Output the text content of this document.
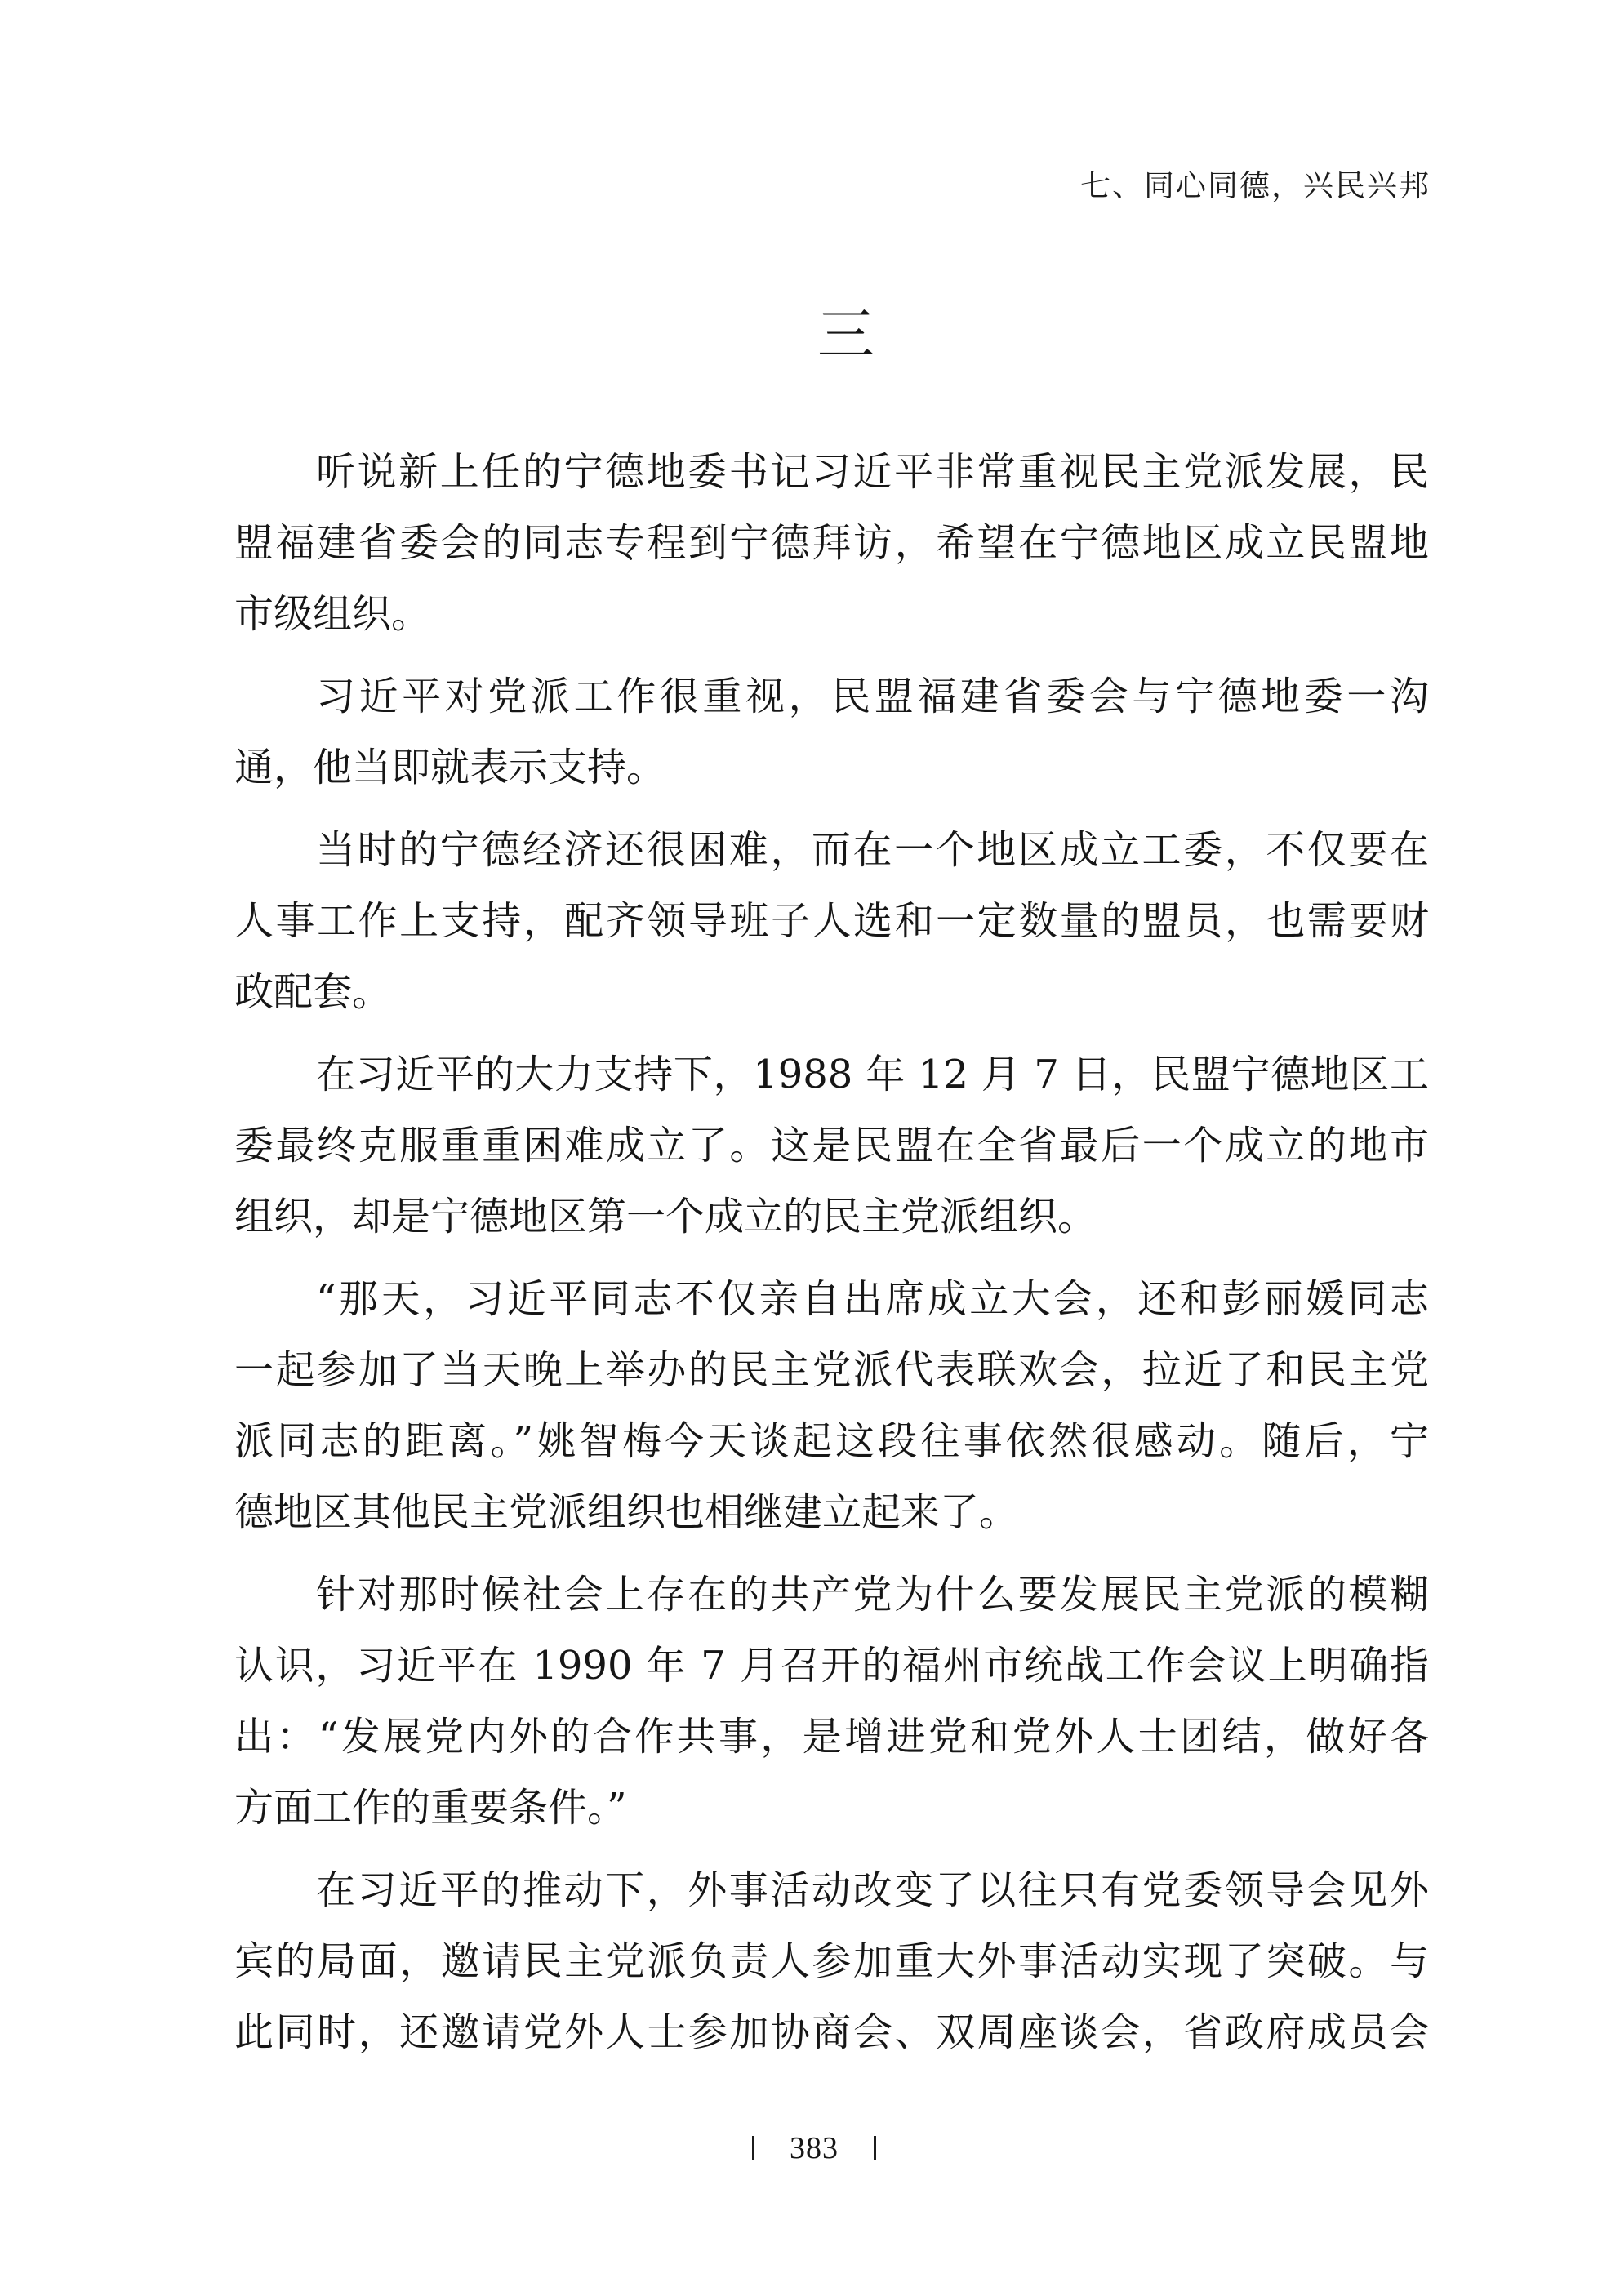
七、同心同德，兴民兴邦
三
听说新上任的宁德地委书记习近平非常重视民主党派发展，民
盟福建省委会的同志专程到宁德拜访，希望在宁德地区成立民盟地
市级组织。
习近平对党派工作很重视，民盟福建省委会与宁德地委一沟
通，他当即就表示支持。
当时的宁德经济还很困难，而在一个地区成立工委，不仅要在
人事工作上支持，配齐领导班子人选和一定数量的盟员，也需要财
政配套。
在习近平的大力支持下，1988 年 12 月 7 日，民盟宁德地区工
委最终克服重重困难成立了。这是民盟在全省最后一个成立的地市
组织，却是宁德地区第一个成立的民主党派组织。
“那天，习近平同志不仅亲自出席成立大会，还和彭丽媛同志
一起参加了当天晚上举办的民主党派代表联欢会，拉近了和民主党
派同志的距离。”姚智梅今天谈起这段往事依然很感动。随后，宁
德地区其他民主党派组织也相继建立起来了。
针对那时候社会上存在的共产党为什么要发展民主党派的模糊
认识，习近平在 1990 年 7 月召开的福州市统战工作会议上明确指
出：“发展党内外的合作共事，是增进党和党外人士团结，做好各
方面工作的重要条件。”
在习近平的推动下，外事活动改变了以往只有党委领导会见外
宾的局面，邀请民主党派负责人参加重大外事活动实现了突破。与
此同时，还邀请党外人士参加协商会、双周座谈会，省政府成员会
383
